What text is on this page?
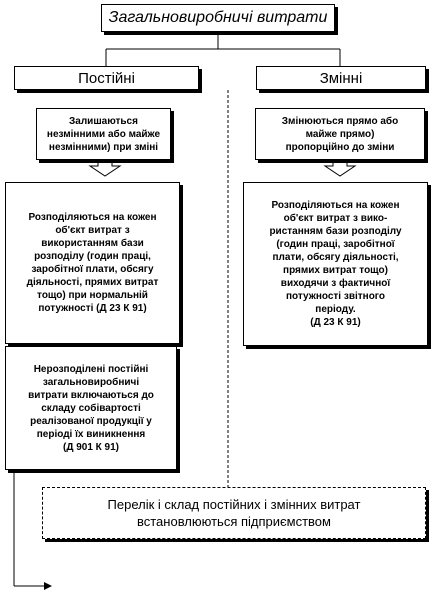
Загальновиробничі витрати
Постійні	Змінні
Залишаються
незмінними або майже
незмінними) при зміні
Змінюються прямо або
майже прямо)
пропорційно до зміни
Розподіляються на кожен
об'єкт витрат з
використанням бази
розподілу (годин праці,
заробітної плати, обсягу
діяльності, прямих витрат
тощо) при нормальній
потужності (Д 23 К 91)
Розподіляються на кожен
об'єкт витрат з вико-
ристанням бази розподілу
(годин праці, заробітної
плати, обсягу діяльності,
прямих витрат тощо)
виходячи з фактичної
потужності звітного
періоду.
(Д 23 К 91)
Нерозподілені постійні
загальновиробничі
витрати включаються до
складу собівартості
реалізованої продукції у
періоді їх виникнення
(Д 901 К 91)
Перелік і склад постійних і змінних витрат
встановлюються підприємством
